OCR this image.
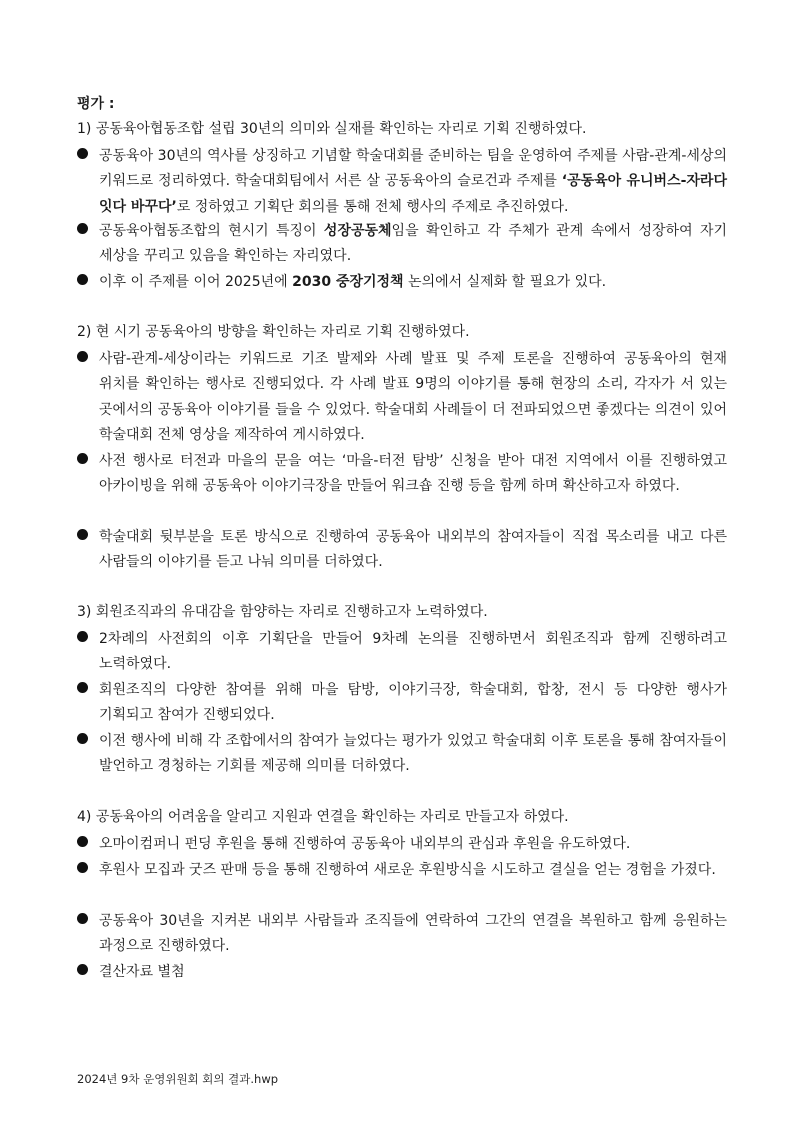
평가 :
1) 공동육아협동조합 설립 30년의 의미와 실재를 확인하는 자리로 기획 진행하였다.
공동육아 30년의 역사를 상징하고 기념할 학술대회를 준비하는 팀을 운영하여 주제를 사람-관계-세상의 키워드로 정리하였다. 학술대회팀에서 서른 살 공동육아의 슬로건과 주제를 ‘공동육아 유니버스-자라다 잇다 바꾸다’로 정하였고 기획단 회의를 통해 전체 행사의 주제로 추진하였다.
공동육아협동조합의 현시기 특징이 성장공동체임을 확인하고 각 주체가 관계 속에서 성장하여 자기 세상을 꾸리고 있음을 확인하는 자리였다.
이후 이 주제를 이어 2025년에 2030 중장기정책 논의에서 실제화 할 필요가 있다.
2) 현 시기 공동육아의 방향을 확인하는 자리로 기획 진행하였다.
사람-관계-세상이라는 키워드로 기조 발제와 사례 발표 및 주제 토론을 진행하여 공동육아의 현재 위치를 확인하는 행사로 진행되었다. 각 사례 발표 9명의 이야기를 통해 현장의 소리, 각자가 서 있는 곳에서의 공동육아 이야기를 들을 수 있었다. 학술대회 사례들이 더 전파되었으면 좋겠다는 의견이 있어 학술대회 전체 영상을 제작하여 게시하였다.
사전 행사로 터전과 마을의 문을 여는 ‘마을-터전 탐방’ 신청을 받아 대전 지역에서 이를 진행하였고 아카이빙을 위해 공동육아 이야기극장을 만들어 워크숍 진행 등을 함께 하며 확산하고자 하였다.
학술대회 뒷부분을 토론 방식으로 진행하여 공동육아 내외부의 참여자들이 직접 목소리를 내고 다른 사람들의 이야기를 듣고 나눠 의미를 더하였다.
3) 회원조직과의 유대감을 함양하는 자리로 진행하고자 노력하였다.
2차례의 사전회의 이후 기획단을 만들어 9차례 논의를 진행하면서 회원조직과 함께 진행하려고 노력하였다.
회원조직의 다양한 참여를 위해 마을 탐방, 이야기극장, 학술대회, 합창, 전시 등 다양한 행사가 기획되고 참여가 진행되었다.
이전 행사에 비해 각 조합에서의 참여가 늘었다는 평가가 있었고 학술대회 이후 토론을 통해 참여자들이 발언하고 경청하는 기회를 제공해 의미를 더하였다.
4) 공동육아의 어려움을 알리고 지원과 연결을 확인하는 자리로 만들고자 하였다.
오마이컴퍼니 펀딩 후원을 통해 진행하여 공동육아 내외부의 관심과 후원을 유도하였다.
후원사 모집과 굿즈 판매 등을 통해 진행하여 새로운 후원방식을 시도하고 결실을 얻는 경험을 가졌다.
공동육아 30년을 지켜본 내외부 사람들과 조직들에 연락하여 그간의 연결을 복원하고 함께 응원하는 과정으로 진행하였다.
결산자료 별첨
2024년 9차 운영위원회 회의 결과.hwp
